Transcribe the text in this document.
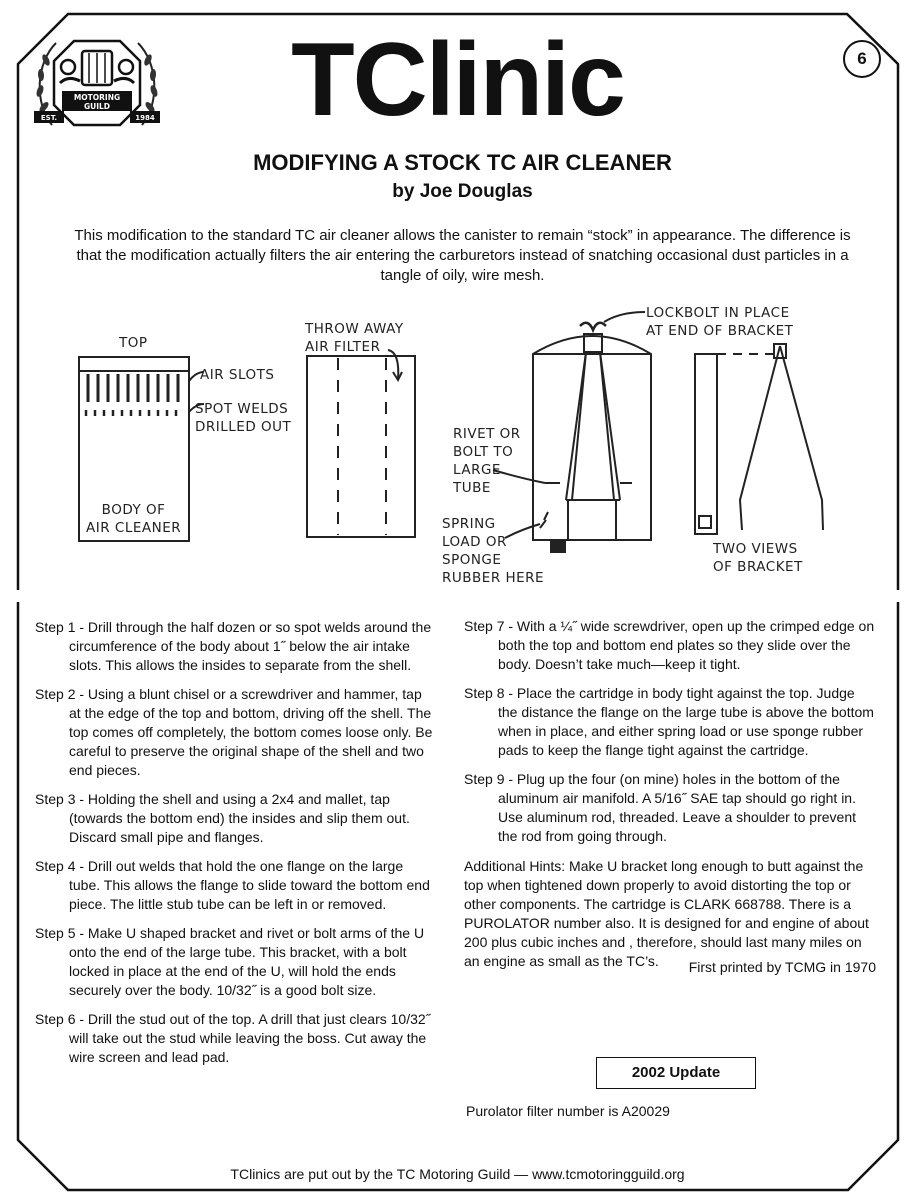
MOTORING
GUILD
EST.	1984	TClinic	6
MODIFYING A STOCK TC AIR CLEANER
by Joe Douglas
This modification to the standard TC air cleaner allows the canister to remain “stock” in appearance. The difference is that the modification actually filters the air entering the carburetors instead of snatching occasional dust particles in a tangle of oily, wire mesh.
TOP
AIR SLOTS
SPOT WELDS
DRILLED OUT
BODY OF
AIR CLEANER
THROW AWAY
AIR FILTER
LOCKBOLT IN PLACE
AT END OF BRACKET
RIVET OR
BOLT TO
LARGE
TUBE
SPRING
LOAD OR
SPONGE
RUBBER HERE
TWO VIEWS
OF BRACKET
Step 1 - Drill through the half dozen or so spot welds around the circumference of the body about 1˝ below the air intake slots. This allows the insides to separate from the shell.
Step 2 - Using a blunt chisel or a screwdriver and hammer, tap at the edge of the top and bottom, driving off the shell. The top comes off completely, the bottom comes loose only. Be careful to preserve the original shape of the shell and two end pieces.
Step 3 - Holding the shell and using a 2x4 and mallet, tap (towards the bottom end) the insides and slip them out. Discard small pipe and flanges.
Step 4 - Drill out welds that hold the one flange on the large tube. This allows the flange to slide toward the bottom end piece. The little stub tube can be left in or removed.
Step 5 - Make U shaped bracket and rivet or bolt arms of the U onto the end of the large tube. This bracket, with a bolt locked in place at the end of the U, will hold the ends securely over the body. 10/32˝ is a good bolt size.
Step 6 - Drill the stud out of the top. A drill that just clears 10/32˝ will take out the stud while leaving the boss. Cut away the wire screen and lead pad.
Step 7 - With a ¼˝ wide screwdriver, open up the crimped edge on both the top and bottom end plates so they slide over the body. Doesn’t take much—keep it tight.
Step 8 - Place the cartridge in body tight against the top. Judge the distance the flange on the large tube is above the bottom when in place, and either spring load or use sponge rubber pads to keep the flange tight against the cartridge.
Step 9 - Plug up the four (on mine) holes in the bottom of the aluminum air manifold. A 5/16˝ SAE tap should go right in. Use aluminum rod, threaded. Leave a shoulder to prevent the rod from going through.
Additional Hints: Make U bracket long enough to butt against the top when tightened down properly to avoid distorting the top or other components. The cartridge is CLARK 668788. There is a PUROLATOR number also. It is designed for and engine of about 200 plus cubic inches and , therefore, should last many miles on an engine as small as the TC’s.	First printed by TCMG in 1970
2002 Update
Purolator filter number is A20029
TClinics are put out by the TC Motoring Guild — www.tcmotoringguild.org
